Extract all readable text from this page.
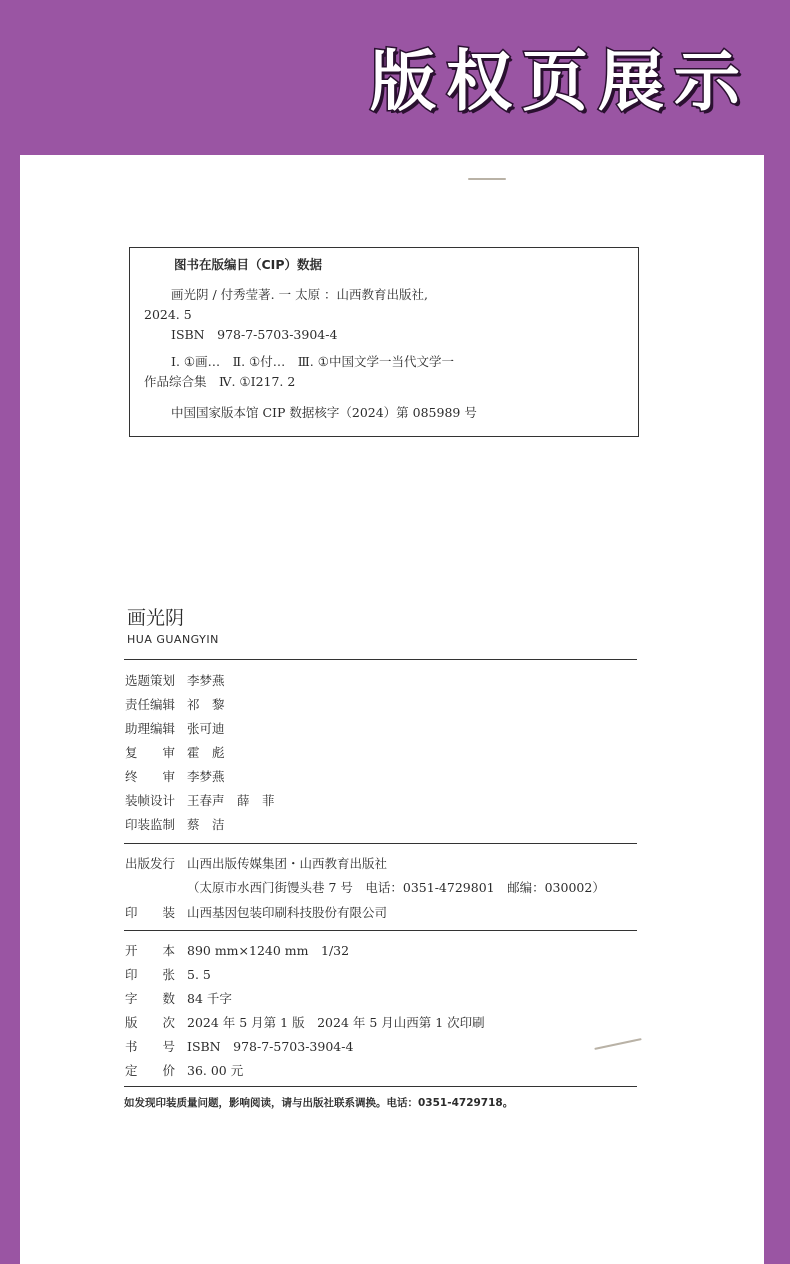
版权页展示
图书在版编目（CIP）数据
画光阴 / 付秀莹著. 一 太原 ：山西教育出版社,
2024. 5
ISBN　978-7-5703-3904-4
Ⅰ. ①画…　Ⅱ. ①付…　Ⅲ. ①中国文学一当代文学一
作品综合集　Ⅳ. ①I217. 2
中国国家版本馆 CIP 数据核字（2024）第 085989 号
画光阴
HUA GUANGYIN
选题策划 李梦燕
责任编辑 祁　黎
助理编辑 张可迪
复　　审 霍　彪
终　　审 李梦燕
装帧设计 王春声　薛　菲
印装监制 蔡　洁
出版发行 山西出版传媒集团・山西教育出版社
（太原市水西门街馒头巷 7 号　电话：0351-4729801　邮编：030002）
印　　装 山西基因包装印刷科技股份有限公司
开　　本 890 mm×1240 mm　1/32
印　　张 5. 5
字　　数 84 千字
版　　次 2024 年 5 月第 1 版　2024 年 5 月山西第 1 次印刷
书　　号 ISBN　978-7-5703-3904-4
定　　价 36. 00 元
如发现印装质量问题，影响阅读，请与出版社联系调换。电话：0351-4729718。
